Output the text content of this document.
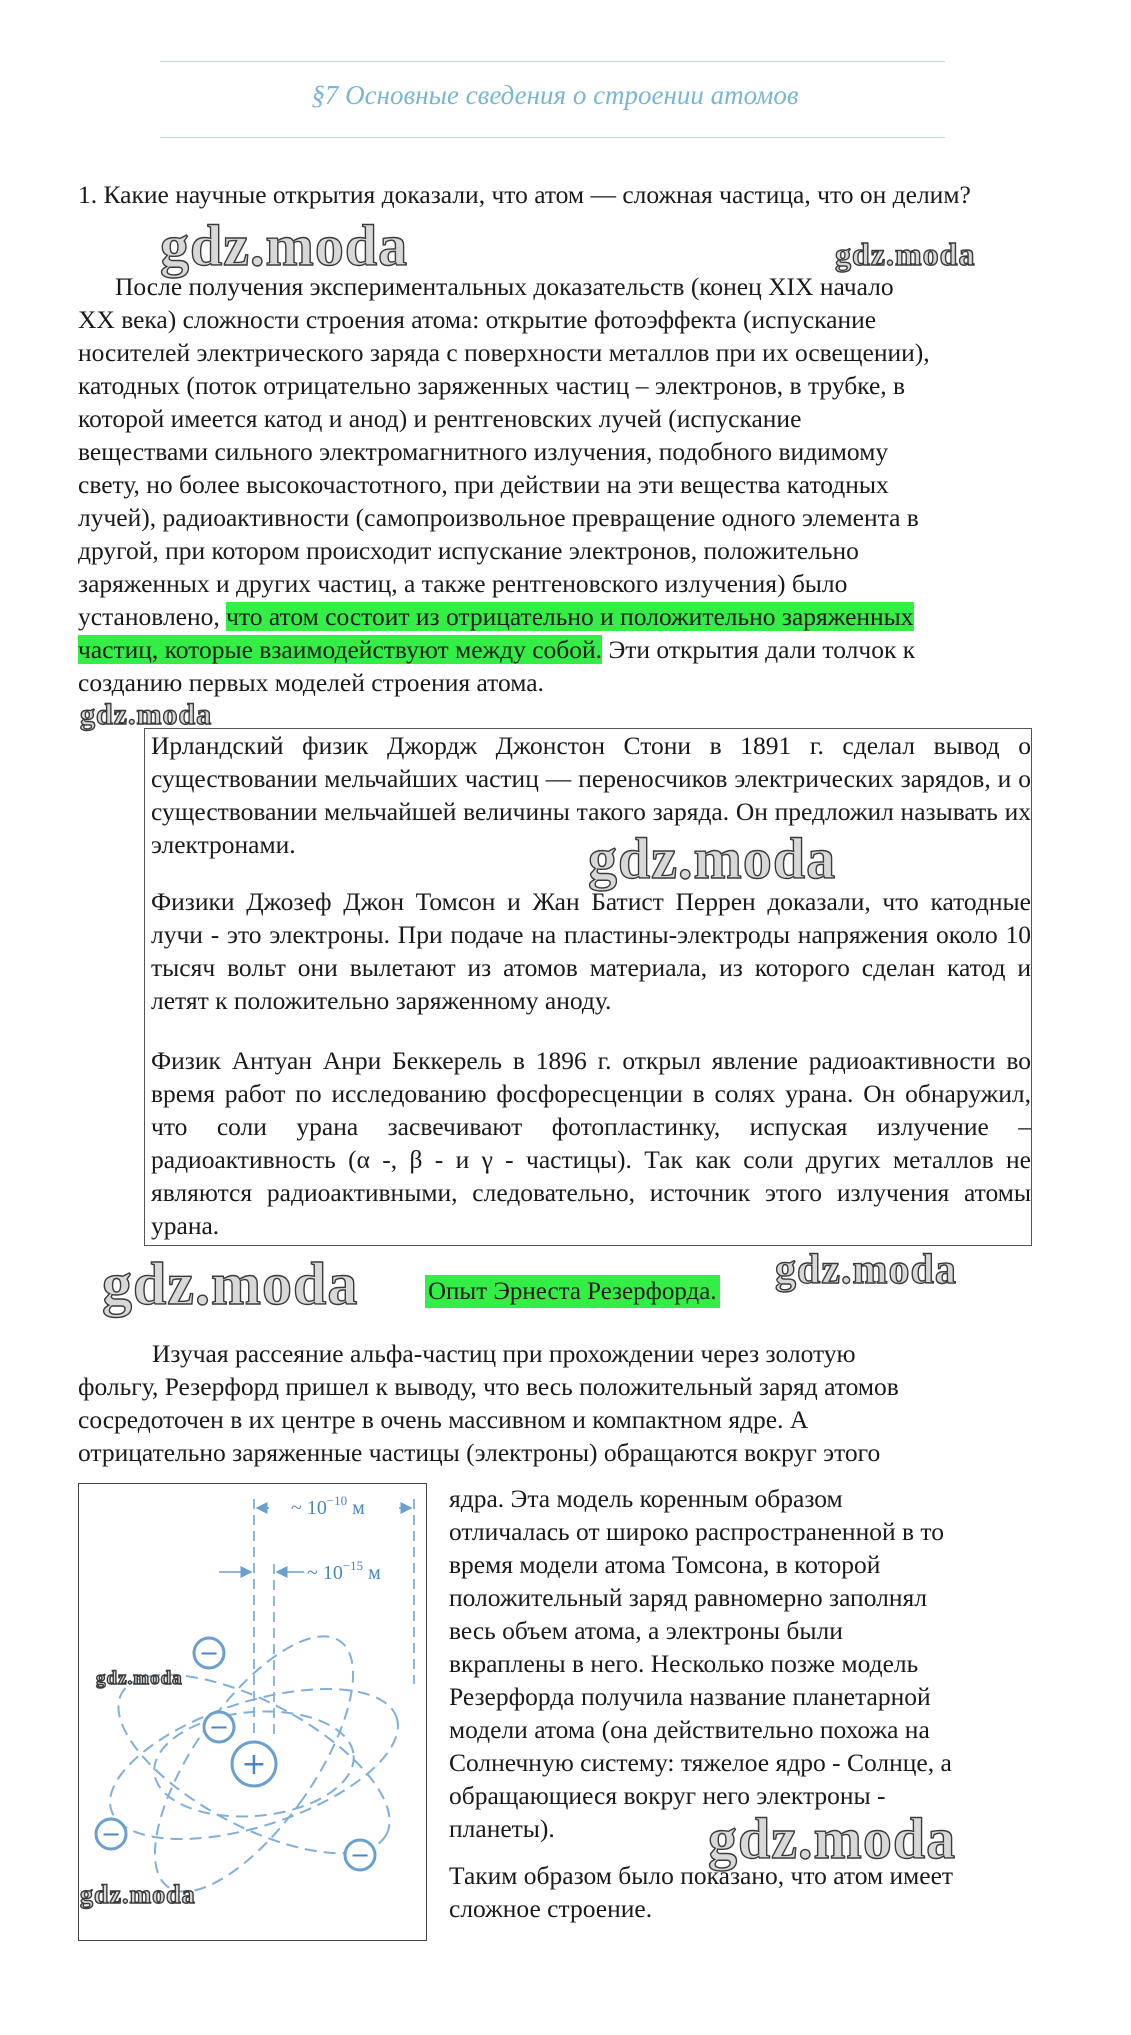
§7 Основные сведения о строении атомов
1. Какие научные открытия доказали, что атом — сложная частица, что он делим?
После получения экспериментальных доказательств (конец XIX начало
XX века) сложности строения атома: открытие фотоэффекта (испускание
носителей электрического заряда с поверхности металлов при их освещении),
катодных (поток отрицательно заряженных частиц – электронов, в трубке, в
которой имеется катод и анод) и рентгеновских лучей (испускание
веществами сильного электромагнитного излучения, подобного видимому
свету, но более высокочастотного, при действии на эти вещества катодных
лучей), радиоактивности (самопроизвольное превращение одного элемента в
другой, при котором происходит испускание электронов, положительно
заряженных и других частиц, а также рентгеновского излучения) было
установлено, что атом состоит из отрицательно и положительно заряженных
частиц, которые взаимодействуют между собой. Эти открытия дали толчок к
созданию первых моделей строения атома.

Ирландский физик Джордж Джонстон Стони в 1891 г. сделал вывод о существовании мельчайших частиц — переносчиков электрических зарядов, и о существовании мельчайшей величины такого заряда. Он предложил называть их электронами.

Физики Джозеф Джон Томсон и Жан Батист Перрен доказали, что катодные лучи - это электроны. При подаче на пластины-электроды напряжения около 10 тысяч вольт они вылетают из атомов материала, из которого сделан катод и летят к положительно заряженному аноду.

Физик Антуан Анри Беккерель в 1896 г. открыл явление радиоактивности во время работ по исследованию фосфоресценции в солях урана. Он обнаружил, что соли урана засвечивают фотопластинку, испуская излучение – радиоактивность (α -, β - и γ - частицы). Так как соли других металлов не являются радиоактивными, следовательно, источник этого излучения атомы урана.

Опыт Эрнеста Резерфорда.
Изучая рассеяние альфа-частиц при прохождении через золотую
фольгу, Резерфорд пришел к выводу, что весь положительный заряд атомов
сосредоточен в их центре в очень массивном и компактном ядре. А
отрицательно заряженные частицы (электроны) обращаются вокруг этого
ядра. Эта модель коренным образом
отличалась от широко распространенной в то
время модели атома Томсона, в которой
положительный заряд равномерно заполнял
весь объем атома, а электроны были
вкраплены в него. Несколько позже модель
Резерфорда получила название планетарной
модели атома (она действительно похожа на
Солнечную систему: тяжелое ядро - Солнце, а
обращающиеся вокруг него электроны -
планеты).
Таким образом было показано, что атом имеет
сложное строение.
~ $10^{-10}$ м
~ $10^{-15}$ м
+
−
−
−
−
gdz.moda	gdz.moda
gdz.moda
gdz.moda
gdz.moda	gdz.moda
gdz.moda
gdz.moda
gdz.moda
